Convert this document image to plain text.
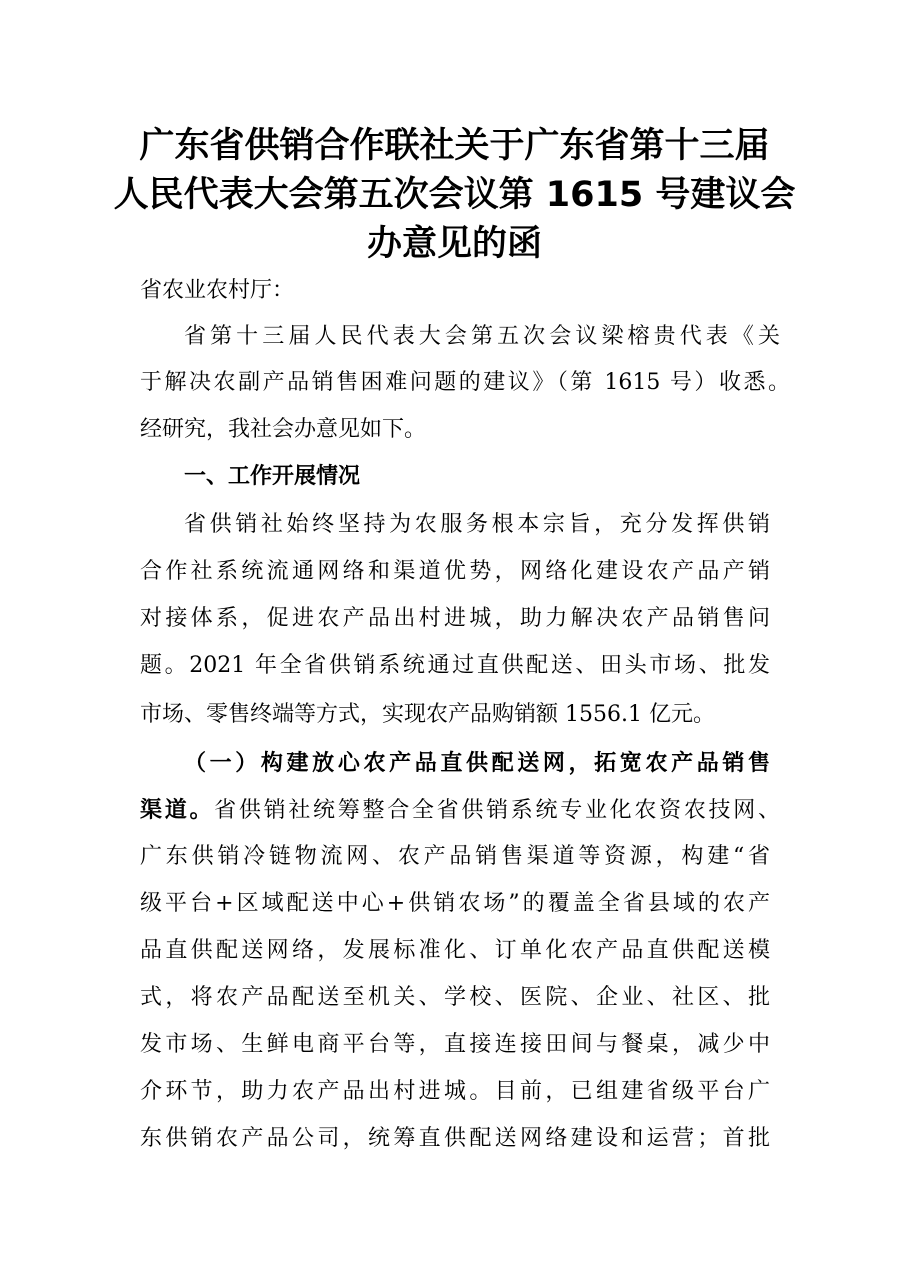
广东省供销合作联社关于广东省第十三届
人民代表大会第五次会议第 1615 号建议会
办意见的函

省农业农村厅：

省第十三届人民代表大会第五次会议梁榕贵代表《关

于解决农副产品销售困难问题的建议》（第 1615 号）收悉。

经研究，我社会办意见如下。

一、工作开展情况

省供销社始终坚持为农服务根本宗旨，充分发挥供销

合作社系统流通网络和渠道优势，网络化建设农产品产销

对接体系，促进农产品出村进城，助力解决农产品销售问

题。2021 年全省供销系统通过直供配送、田头市场、批发

市场、零售终端等方式，实现农产品购销额 1556.1 亿元。

（一）构建放心农产品直供配送网，拓宽农产品销售

渠道。省供销社统筹整合全省供销系统专业化农资农技网、

广东供销冷链物流网、农产品销售渠道等资源，构建“省

级平台+区域配送中心+供销农场”的覆盖全省县域的农产

品直供配送网络，发展标准化、订单化农产品直供配送模

式，将农产品配送至机关、学校、医院、企业、社区、批

发市场、生鲜电商平台等，直接连接田间与餐桌，减少中

介环节，助力农产品出村进城。目前，已组建省级平台广

东供销农产品公司，统筹直供配送网络建设和运营；首批
